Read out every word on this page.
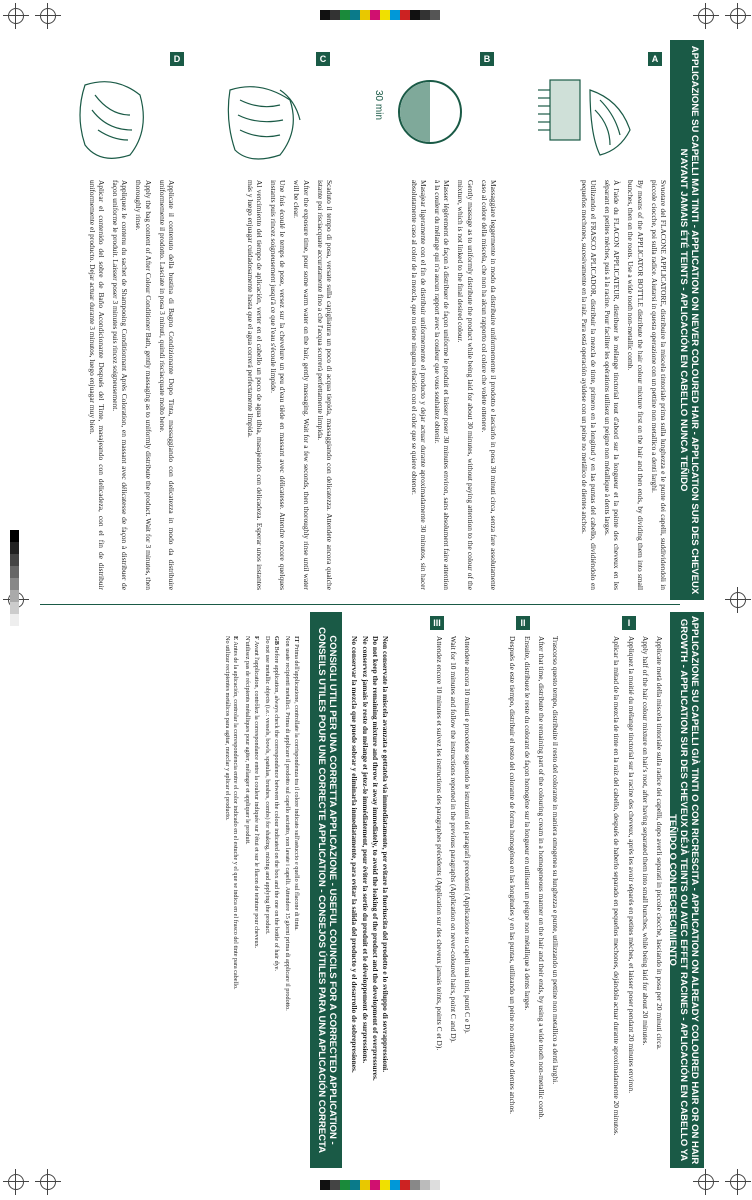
APPLICAZIONE SU CAPELLI MAI TINTI - APPLICATION ON NEVER COLOURED HAIR - APPLICATION SUR DES CHEVEUX N'AYANT JAMAIS ÉTÉ TEINTS - APLICACIÓN EN CABELLO NUNCA TEÑIDO
APPLICAZIONE SU CAPELLI GIÀ TINTI O CON RICRESCITA - APPLICATION ON ALREADY COLOURED HAIR OR ON HAIR GROWTH - APPLICATION SUR DES CHEVEUX DÉJÀ TEINTS OU AVEC EFFET RACINES - APLICACIÓN EN CABELLO YA TEÑIDO O CON RECRECIMIENTO
CONSIGLI UTILI PER UNA CORRETTA APPLICAZIONE - USEFUL COUNCILS FOR A CORRECTED APPLICATION - CONSEILS UTILES POUR UNE CORRECTE APPLICATION - CONSEJOS ÚTILES PARA UNA APLICACIÓN CORRECTA
A
B
C
D
30 min

Svuotare del FLACONE APPLICATORE, distribuire la miscela tintoriale prima sulla lunghezza e le punte dei capelli, suddividendoli in piccole ciocche, poi sulla radice. Aiutarsi in questa operazione con un pettine non metallico a denti larghi.

By means of the APPLICATOR BOTTLE distribute the hair colour mixture first on the hair and then ends, by dividing them into small bunches, then on the roots. Use a wide tooth non-metallic comb.

À l'aide du FLACON APPLICATEUR, distribuer le mélange tinctorial tout d'abord sur la longueur et la pointe des cheveux en les séparant en petites mèches, puis à la racine. Pour faciliter les opérations utilisez un peigne non métallique à dents larges.

Utilizando el FRASCO APLICADOR, distribuir la mezcla de tinte, primero en la longitud y en las puntas del cabello, dividiéndolo en pequeños mechones, sucesivamente en la raíz. Para está operación ayúdese con un peine no metálico de dientes anchos.

Massaggiare leggermente in modo da distribuire uniformemente il prodotto e lasciarlo in posa 30 minuti circa, senza fare assolutamente caso al colore della miscela, che non ha alcun rapporto col colore che volete ottenere.

Gently massage as to uniformly distribute the product while being laid for about 30 minutes, without paying attention to the colour of the mixture, which is not linked to the final desired colour.

Masser légèrement de façon à distribuer de façon uniforme le produit et laisser poser 30 minutes environ, sans absolument faire attention à la couleur du mélange qui n'a aucun rapport avec la couleur que vous souhaitez obtenir.

Masajear ligeramente con el fin de distribuir uniformemente el producto y dejar actuar durante aproximadamente 30 minutos, sin hacer absolutamente caso al color de la mezcla, que no tiene ninguna relación con el color que se quiere obtener.

Scaduto il tempo di posa, versate sulla capigliatura un poco di acqua tiepida, massaggiando con delicatezza. Attendete ancora qualche istante poi risciacquate accuratamente fino a che l'acqua scorrerà perfettamente limpida.

After the exposure time, pour some warm water on the hair, gently massaging. Wait for a few seconds, then thoroughly rinse until water will be clear.

Une fois écoulé le temps de pose, versez sur la chevelure un peu d'eau tiède en massant avec délicatesse. Attendre encore quelques instants puis rincez soigneusement jusqu'à ce que l'eau s'écoule limpide.

Al vencimiento del tiempo de aplicación, verter en el cabello un poco de agua tibia, masajeando con delicadeza. Esperar unos instantes más y luego enjuagar cuidadosamente hasta que el agua correrá perfectamente límpida.

Applicate il contenuto della bustina di Bagno Condizionante Dopo Tinta, massaggiando con delicatezza in modo da distribuire uniformemente il prodotto. Lasciate in posa 3 minuti, quindi risciacquate molto bene.

Apply the bag content of After Colour Conditioner Bath, gently massaging as to uniformly distribute the product. Wait for 3 minutes, then thoroughly rinse.

Appliquez le contenu du sachet de Shampooing Conditionnant Après Coloration, en massant avec délicatesse de façon à distribuer de façon uniforme le produit. Laisser poser 3 minutes puis rincez soigneusement.

Aplicar el contenido del sobre de Baño Acondicionante Después del Tinte, masajeando con delicadeza, con el fin de distribuir uniformemente el producto. Dejar actuar durante 3 minutos, luego enjuagar muy bien.

I

Applicate metà della miscela tintoriale sulla radice dei capelli, dopo averli separati in piccole ciocche, lasciando in posa per 20 minuti circa.

Apply half of the hair colour mixture on hair's root, after having separated them into small bunches, while being laid for about 20 minutes.

Appliquez la moitié du mélange tinctorial sur la racine des cheveux, après les avoir séparés en petites mèches, et laisser poser pendant 20 minutes environ.

Aplicar la mitad de la mezcla de tinte en la raíz del cabello, después de haberlo separado en pequeños mechones, dejándola actuar durante aproximadamente 20 minutos.

II

Trascorso questo tempo, distribuite il resto del colorante in maniera omogenea su lunghezza e punte, utilizzando un pettine non metallico a denti larghi.

After that time, distribute the remaining part of the colouring cream in a homogeneous manner on the hair and their ends, by using a wide tooth non-metallic comb.

Ensuite, distribuez le reste du colorant de façon homogène sur la longueur en utilisant un peigne non métallique à dents larges.

Después de este tiempo, distribuir el resto del colorante de forma homogénea en las longitudes y en las puntas, utilizando un peine no metálico de dientes anchos.

III

Attendete ancora 10 minuti e procedete seguendo le istruzioni dei paragrafi precedenti (Applicazione su capelli mai tinti, punti C e D).

Wait for 10 minutes and follow the instructions reported in the previous paragraphs (Application on never-coloured hairs, point C and D).

Attendez encore 10 minutes et suivez les instructions des paragraphes précédents (Application sur des cheveux jamais teints, points C et D).

Non conservate la miscela avanzata e gettatela via immediatamente, per evitare la fuoriuscita del prodotto e lo sviluppo di sovrappressioni.

Do not keep the remaining mixture and throw it away immediately, to avoid the leaking of the product and the development of overpressures.

Ne conservez jamais le reste du mélange et jetez-le immédiatement, pour éviter la sortie du produit et le développement de surpressions.

No conservar la mezcla que puede sobrar y eliminarla inmediatamente, para evitar la salida del producto y el desarrollo de sobrepresiones.

IT Prima dell'applicazione, controllate la corrispondenza tra il colore indicato sull'astuccio e quello sul flacone di tinta.

Non usate recipienti metallici. Prima di applicare il prodotto sul capello asciutto, non lavate i capelli. Attendere 15 giorni prima di applicare il prodotto.

GB Before application, always check the correspondence between the colour indicated on the box and the one on the bottle of hair dye.

Do not use metallic objects (i.e.: vessels, bowls, spatulas, brushes, combs) for shaking, mixing and applying the product.

F Avant l'application, contrôlez la correspondance entre la couleur indiquée sur l'étui et sur le flacon de teinture pour cheveux.

N'utilisez pas de récipients métalliques pour agiter, mélanger et appliquer le produit.

E Antes de la aplicación, controlar la correspondencia entre el color indicado en el estuche y el que se indica en el frasco del tinte para cabello.

No utilizar recipientes metálicos para agitar, mezclar y aplicar el producto.
